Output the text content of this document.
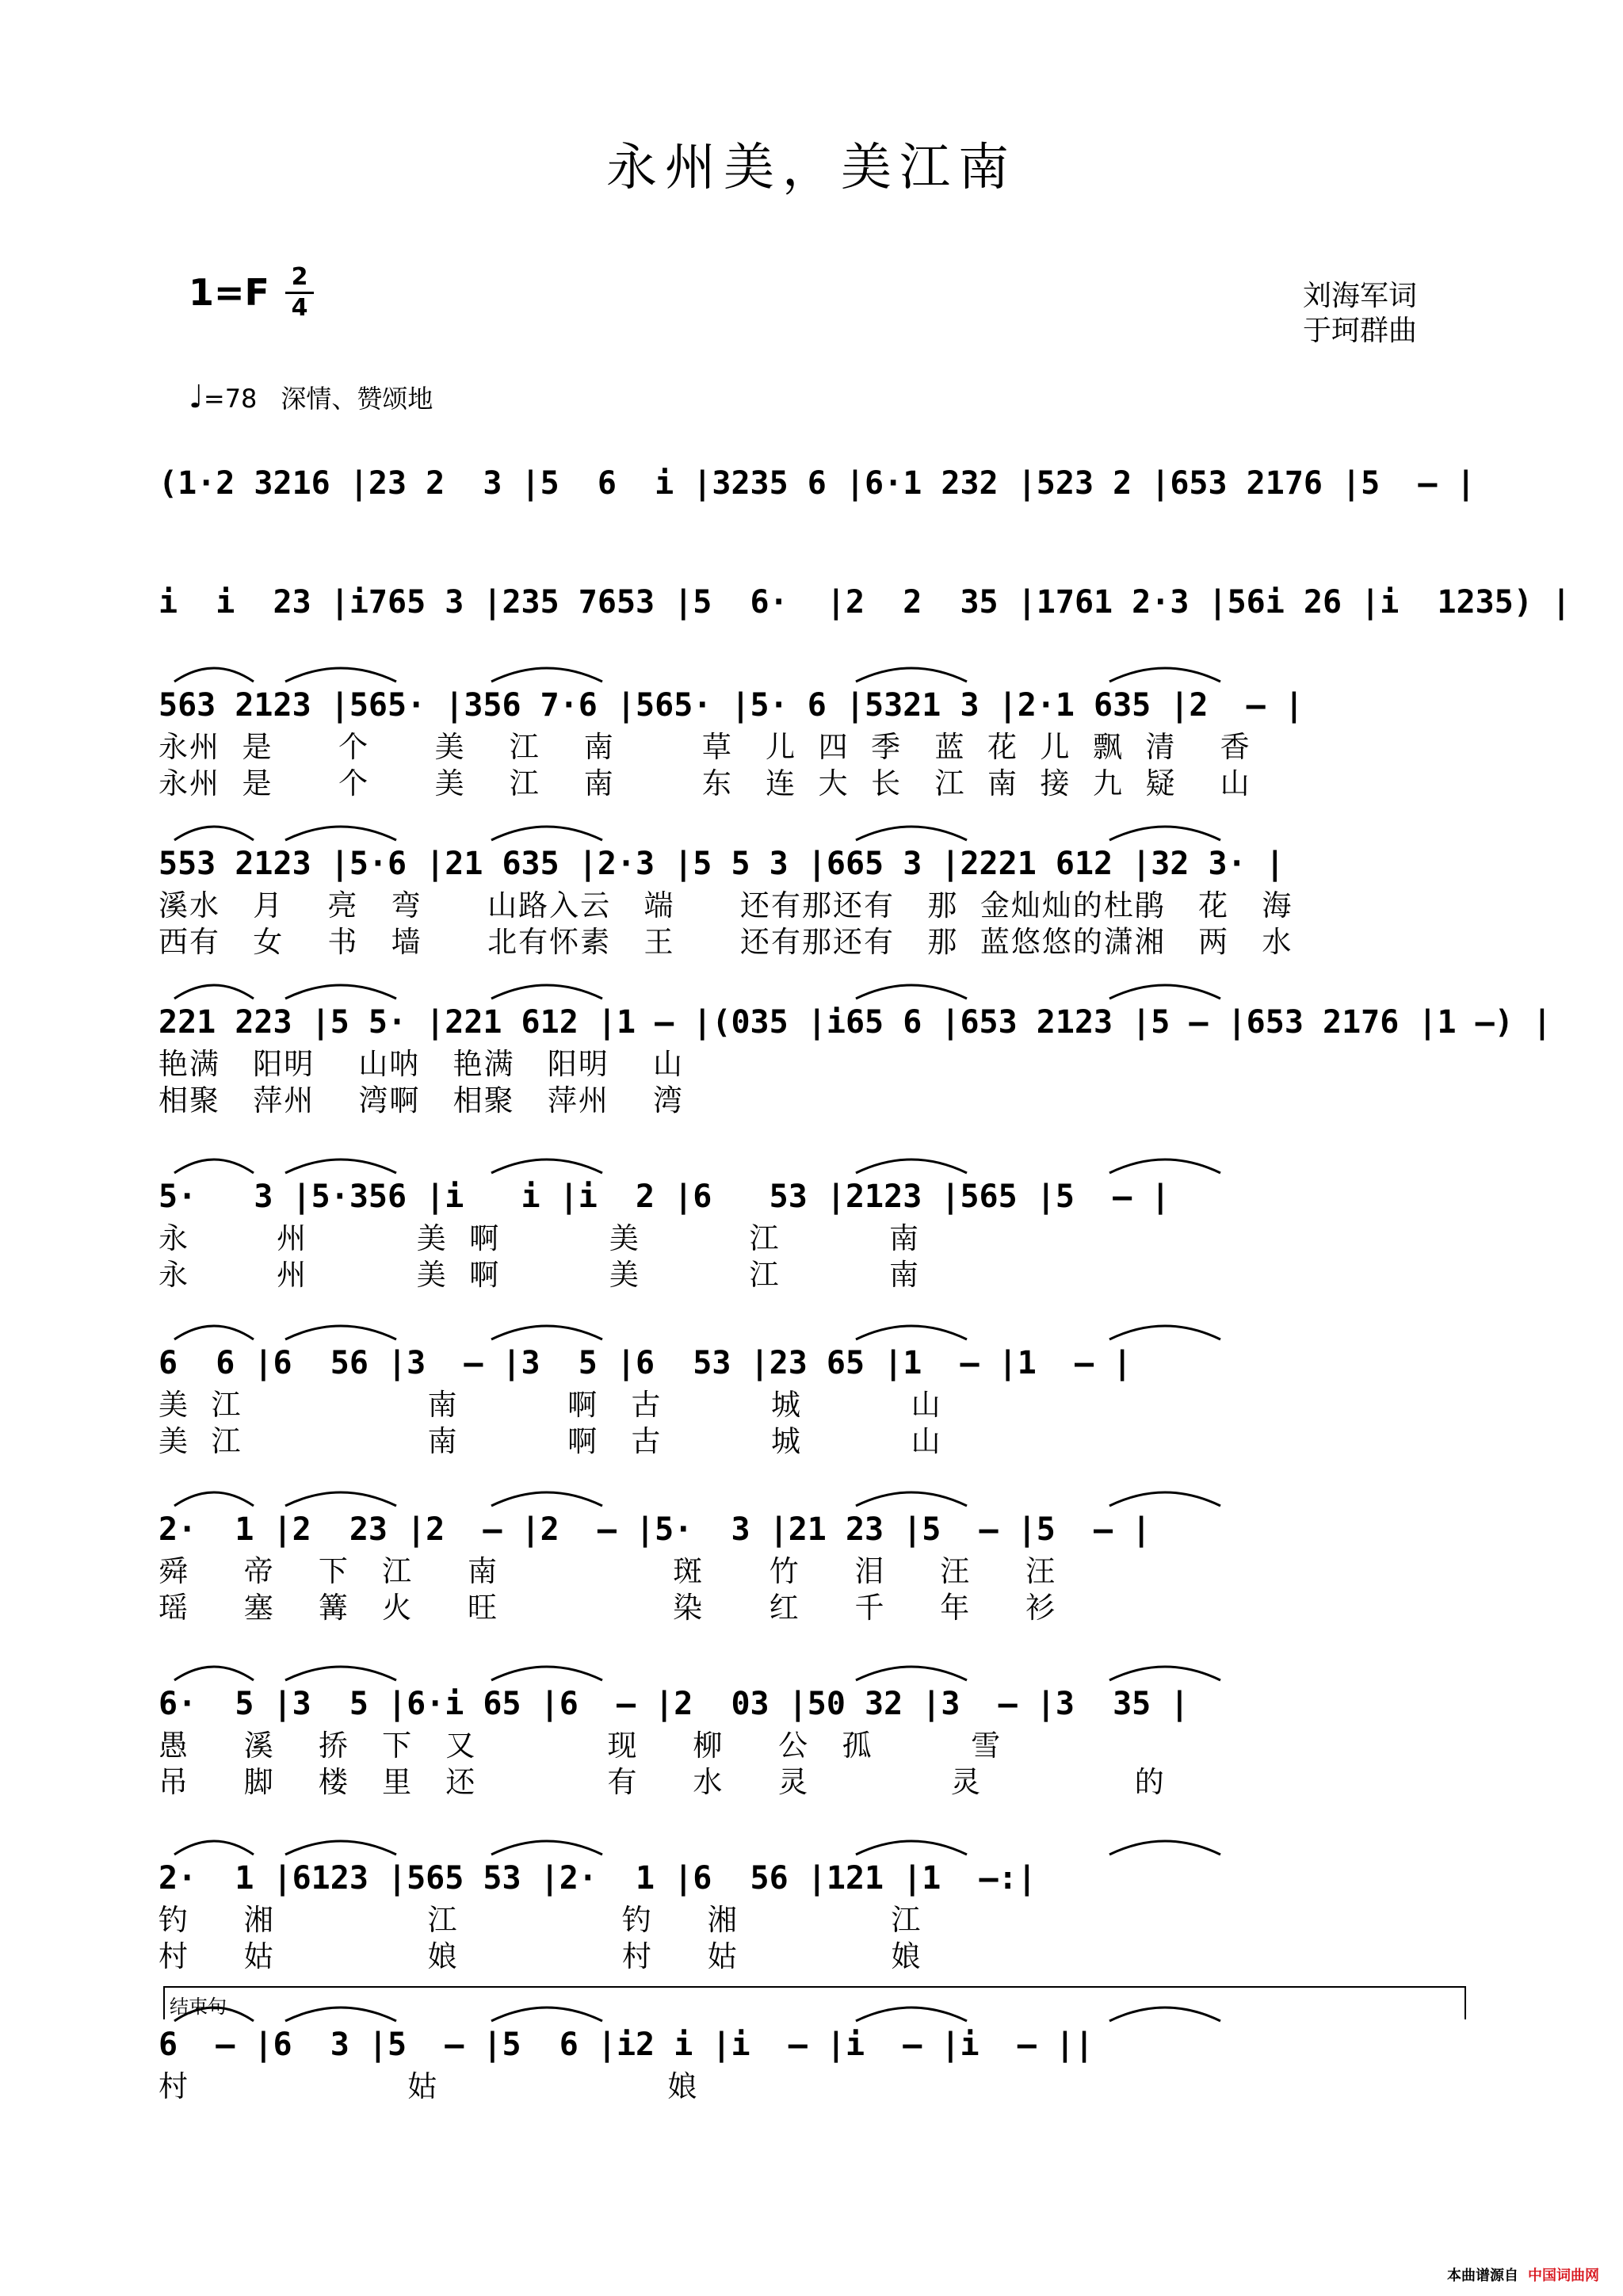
永州美，美江南
1=F 2
4	刘海军词
于珂群曲
♩=78 深情、赞颂地
(1·2 3216 |23 2  3 |5  6  i |3235 6 |6·1 232 |523 2 |653 2176 |5  – |
i  i  23 |i765 3 |235 7653 |5  6·  |2  2  35 |1761 2·3 |56i 26 |i  1235) |
563 2123 |565· |356 7·6 |565· |5· 6 |5321 3 |2·1 635 |2  – |
永州  是      个      美    江    南        草   儿  四  季   蓝  花  儿  飘  清    香
永州  是      个      美    江    南        东   连  大  长   江  南  接  九  疑    山
553 2123 |5·6 |21 635 |2·3 |5 5 3 |665 3 |2221 612 |32 3· |
溪水   月    亮   弯      山路入云   端      还有那还有   那  金灿灿的杜鹃   花   海
西有   女    书   墙      北有怀素   王      还有那还有   那  蓝悠悠的潇湘   两   水
221 223 |5 5· |221 612 |1 – |(035 |i65 6 |653 2123 |5 – |653 2176 |1 –) |
艳满   阳明    山呐   艳满   阳明    山
相聚   萍州    湾啊   相聚   萍州    湾
5·   3 |5·356 |i   i |i  2 |6   53 |2123 |565 |5  – |
永        州          美  啊          美          江          南
永        州          美  啊          美          江          南
6  6 |6  56 |3  – |3  5 |6  53 |23 65 |1  – |1  – |
美  江                 南          啊   古          城          山
美  江                 南          啊   古          城          山
2·  1 |2  23 |2  – |2  – |5·  3 |21 23 |5  – |5  – |
舜     帝    下   江     南                斑      竹     泪     汪     汪
瑶     塞    篝   火     旺                染      红     千     年     衫
6·  5 |3  5 |6·i 65 |6  – |2  03 |50 32 |3  – |3  35 |
愚     溪    挢   下   又            现     柳     公   孤         雪
吊     脚    楼   里   还            有     水     灵             灵              的
2·  1 |6123 |565 53 |2·  1 |6  56 |121 |1  –:|
钓     湘              江               钓     湘              江
村     姑              娘               村     姑              娘
6  – |6  3 |5  – |5  6 |i2 i |i  – |i  – |i  – ||
村                    姑                     娘
结束句
本曲谱源自 中国词曲网
